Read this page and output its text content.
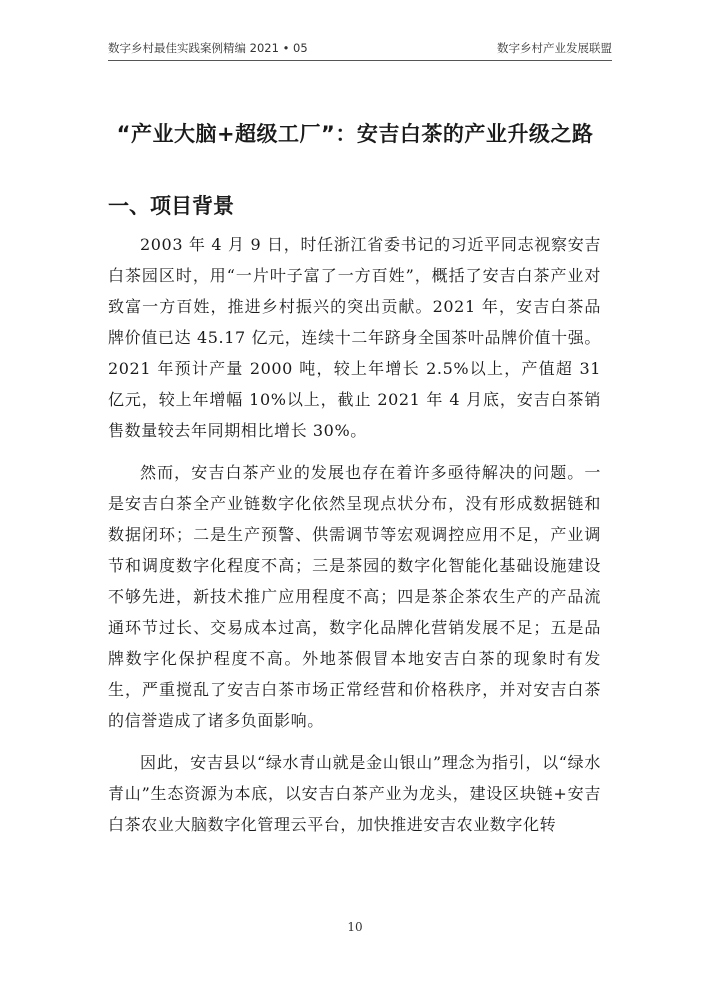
数字乡村最佳实践案例精编 2021 • 05	数字乡村产业发展联盟
“产业大脑+超级工厂”：安吉白茶的产业升级之路
一、项目背景

2003 年 4 月 9 日，时任浙江省委书记的习近平同志视察安吉白茶园区时，用“一片叶子富了一方百姓”，概括了安吉白茶产业对致富一方百姓，推进乡村振兴的突出贡献。2021 年，安吉白茶品牌价值已达 45.17 亿元，连续十二年跻身全国茶叶品牌价值十强。2021 年预计产量 2000 吨，较上年增长 2.5%以上，产值超 31 亿元，较上年增幅 10%以上，截止 2021 年 4 月底，安吉白茶销售数量较去年同期相比增长 30%。

然而，安吉白茶产业的发展也存在着许多亟待解决的问题。一是安吉白茶全产业链数字化依然呈现点状分布，没有形成数据链和数据闭环；二是生产预警、供需调节等宏观调控应用不足，产业调节和调度数字化程度不高；三是茶园的数字化智能化基础设施建设不够先进，新技术推广应用程度不高；四是茶企茶农生产的产品流通环节过长、交易成本过高，数字化品牌化营销发展不足；五是品牌数字化保护程度不高。外地茶假冒本地安吉白茶的现象时有发生，严重搅乱了安吉白茶市场正常经营和价格秩序，并对安吉白茶的信誉造成了诸多负面影响。

因此，安吉县以“绿水青山就是金山银山”理念为指引，以“绿水青山”生态资源为本底，以安吉白茶产业为龙头，建设区块链+安吉白茶农业大脑数字化管理云平台，加快推进安吉农业数字化转

10
